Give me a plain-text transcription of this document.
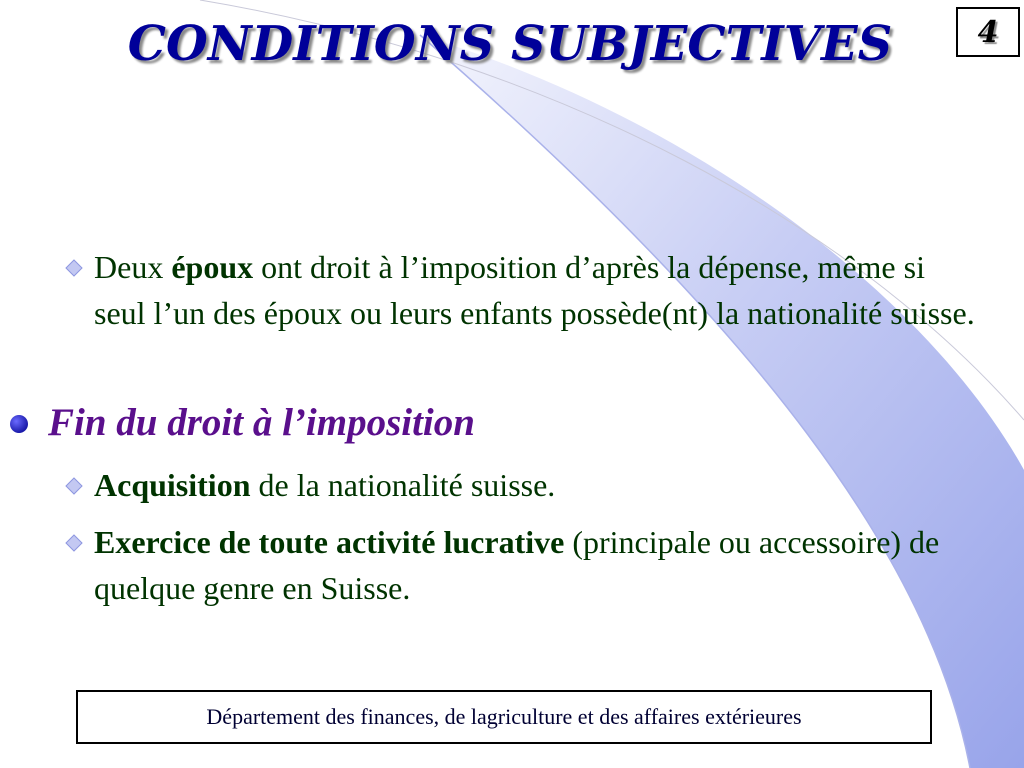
CONDITIONS SUBJECTIVES	4
Deux époux ont droit à l’imposition d’après la dépense, même si seul l’un des époux ou leurs enfants possède(nt) la nationalité suisse.
Fin du droit à l’imposition
Acquisition de la nationalité suisse.
Exercice de toute activité lucrative (principale ou accessoire) de quelque genre en Suisse.
Département des finances, de lagriculture et des affaires extérieures
